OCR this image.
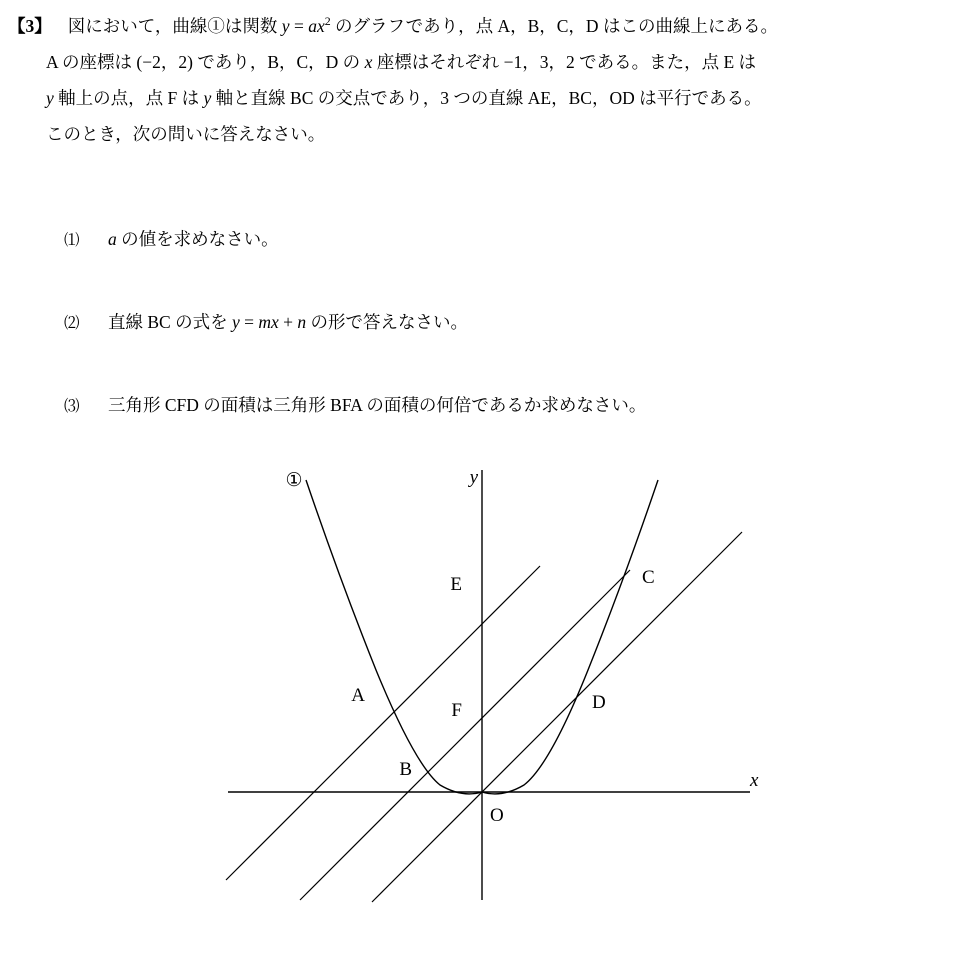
【3】 図において，曲線①は関数 $y = ax^2$ のグラフであり，点 A，B，C，D はこの曲線上にある。
A の座標は (−2，2) であり，B，C，D の x 座標はそれぞれ −1，3，2 である。また，点 E は
y 軸上の点，点 F は y 軸と直線 BC の交点であり，3 つの直線 AE，BC，OD は平行である。
このとき，次の問いに答えなさい。
⑴ a の値を求めなさい。
⑵ 直線 BC の式を y = mx + n の形で答えなさい。
⑶ 三角形 CFD の面積は三角形 BFA の面積の何倍であるか求めなさい。
①	y
x
E	C
A
F	D
B
O
